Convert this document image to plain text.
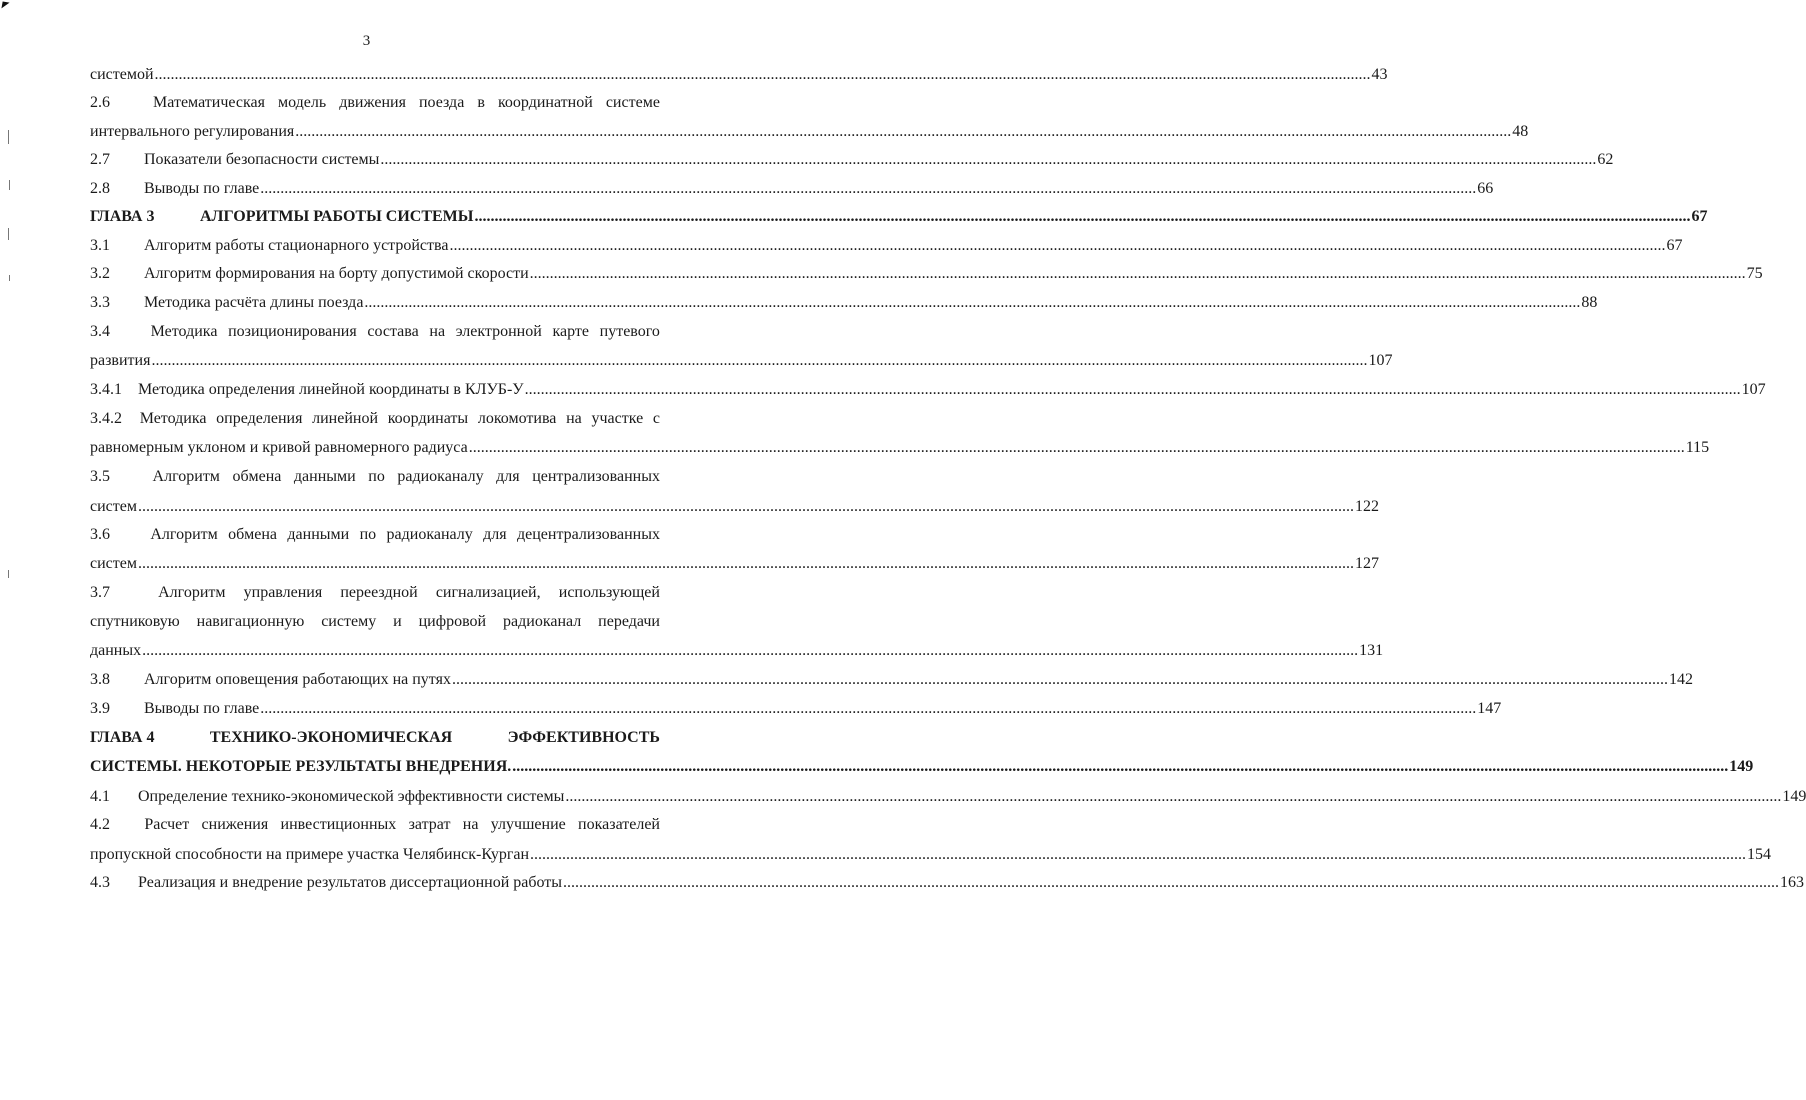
3
системой .....	43
2.6	Математическая модель движения поезда в координатной системе
интервального регулирования .....	48
2.7	Показатели безопасности системы .....	62
2.8	Выводы по главе .....	66
ГЛАВА 3	АЛГОРИТМЫ РАБОТЫ СИСТЕМЫ .....	67
3.1	Алгоритм работы стационарного устройства .....	67
3.2	Алгоритм формирования на борту допустимой скорости .....	75
3.3	Методика расчёта длины поезда .....	88
3.4	Методика позиционирования состава на электронной карте путевого
развития .....	107
3.4.1	Методика определения линейной координаты в КЛУБ-У .....	107
3.4.2 Методика определения линейной координаты локомотива на участке с
равномерным уклоном и кривой равномерного радиуса .....	115
3.5	Алгоритм обмена данными по радиоканалу для централизованных
систем .....	122
3.6	Алгоритм обмена данными по радиоканалу для децентрализованных
систем .....	127
3.7	Алгоритм управления переездной сигнализацией, использующей
спутниковую навигационную систему и цифровой радиоканал передачи
данных .....	131
3.8	Алгоритм оповещения работающих на путях .....	142
3.9	Выводы по главе .....	147
ГЛАВА 4	ТЕХНИКО-ЭКОНОМИЧЕСКАЯ	ЭФФЕКТИВНОСТЬ
СИСТЕМЫ. НЕКОТОРЫЕ РЕЗУЛЬТАТЫ ВНЕДРЕНИЯ. .....	149
4.1	Определение технико-экономической эффективности системы .....	149
4.2 Расчет снижения инвестиционных затрат на улучшение показателей
пропускной способности на примере участка Челябинск-Курган .....	154
4.3	Реализация и внедрение результатов диссертационной работы .....	163
